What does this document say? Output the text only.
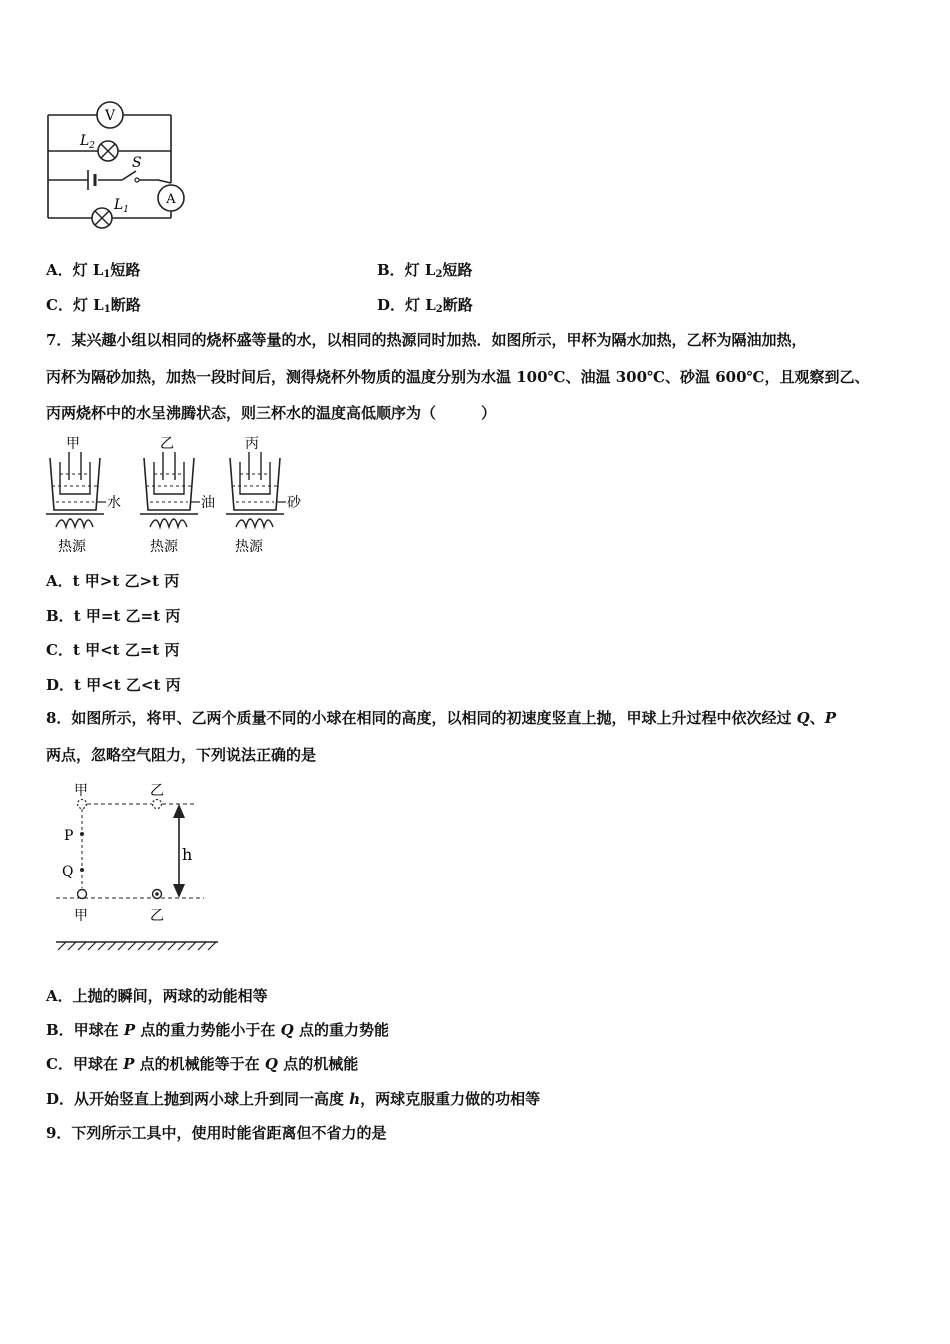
V
$L_2$
S
A
$L_1$
A．灯 $L_1$短路	B．灯 $L_2$短路
C．灯 $L_1$断路	D．灯 $L_2$断路
7．某兴趣小组以相同的烧杯盛等量的水，以相同的热源同时加热．如图所示，甲杯为隔水加热，乙杯为隔油加热，
丙杯为隔砂加热，加热一段时间后，测得烧杯外物质的温度分别为水温 100℃、油温 300℃、砂温 600℃，且观察到乙、
丙两烧杯中的水呈沸腾状态，则三杯水的温度高低顺序为（　　　）
甲
水
热源
乙
油
热源
丙
砂
热源
A．t 甲>t 乙>t 丙
B．t 甲=t 乙=t 丙
C．t 甲<t 乙=t 丙
D．t 甲<t 乙<t 丙
8．如图所示，将甲、乙两个质量不同的小球在相同的高度，以相同的初速度竖直上抛，甲球上升过程中依次经过 Q、P
两点，忽略空气阻力，下列说法正确的是
甲	乙
P
Q
h
甲	乙
A．上抛的瞬间，两球的动能相等
B．甲球在 P 点的重力势能小于在 Q 点的重力势能
C．甲球在 P 点的机械能等于在 Q 点的机械能
D．从开始竖直上抛到两小球上升到同一高度 h，两球克服重力做的功相等
9．下列所示工具中，使用时能省距离但不省力的是
